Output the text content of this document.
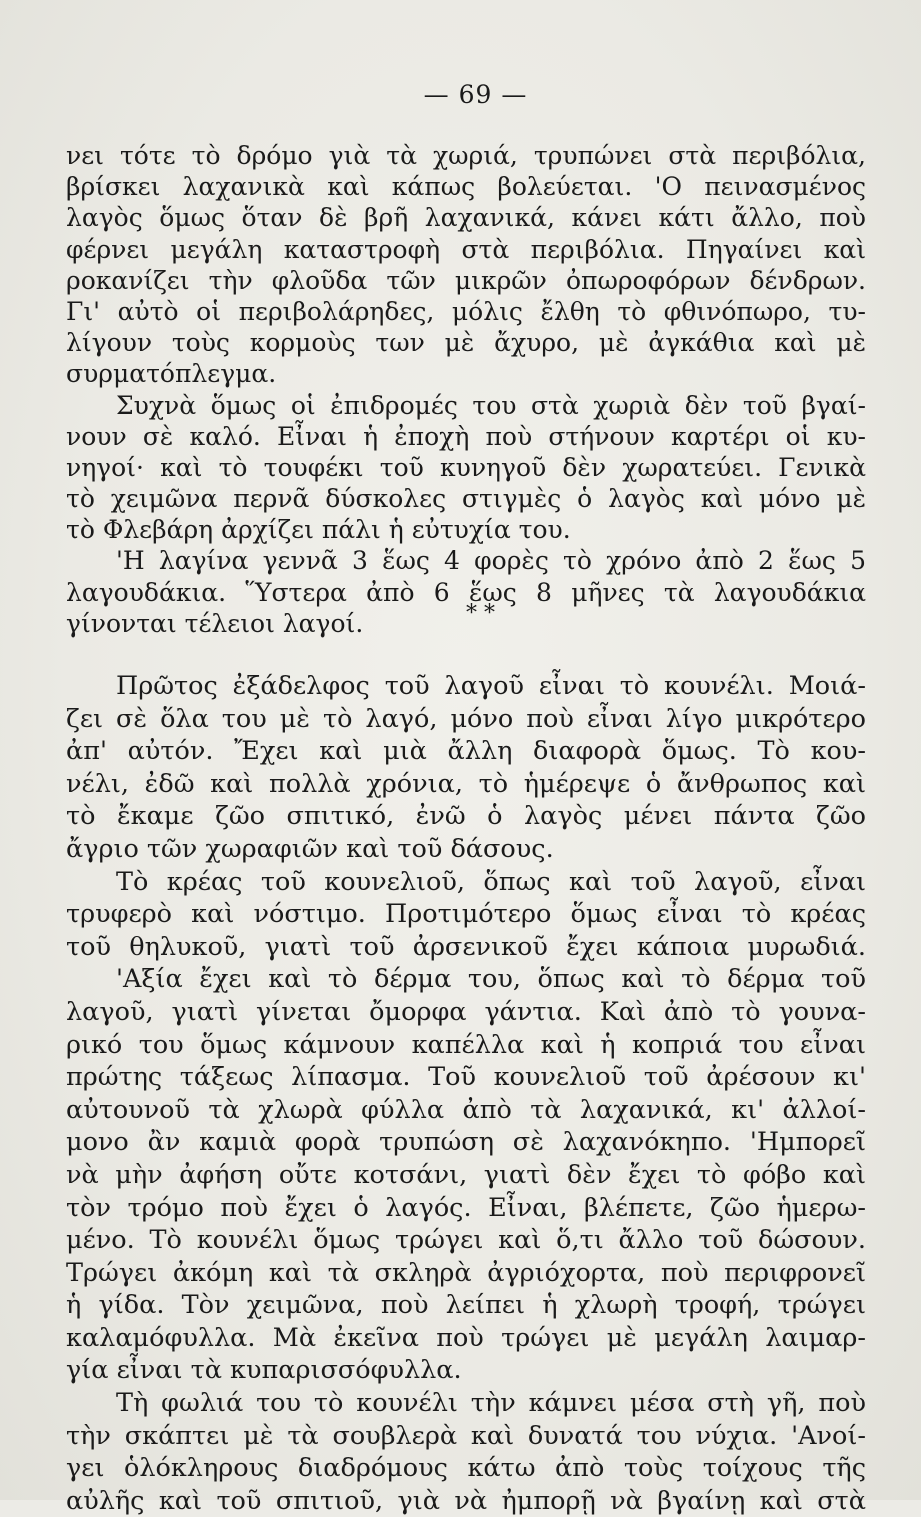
— 69 —
νει τότε τὸ δρόμο γιὰ τὰ χωριά, τρυπώνει στὰ περιβόλια,
βρίσκει λαχανικὰ καὶ κάπως βολεύεται. 'Ο πεινασμένος
λαγὸς ὅμως ὅταν δὲ βρῆ λαχανικά, κάνει κάτι ἄλλο, ποὺ
φέρνει μεγάλη καταστροφὴ στὰ περιβόλια. Πηγαίνει καὶ
ροκανίζει τὴν φλοῦδα τῶν μικρῶν ὀπωροφόρων δένδρων.
Γι' αὐτὸ οἱ περιβολάρηδες, μόλις ἔλθη τὸ φθινόπωρο, τυ-
λίγουν τοὺς κορμοὺς των μὲ ἄχυρο, μὲ ἀγκάθια καὶ μὲ
συρματόπλεγμα.
Συχνὰ ὅμως οἱ ἐπιδρομές του στὰ χωριὰ δὲν τοῦ βγαί-
νουν σὲ καλό. Εἶναι ἡ ἐποχὴ ποὺ στήνουν καρτέρι οἱ κυ-
νηγοί· καὶ τὸ τουφέκι τοῦ κυνηγοῦ δὲν χωρατεύει. Γενικὰ
τὸ χειμῶνα περνᾶ δύσκολες στιγμὲς ὁ λαγὸς καὶ μόνο μὲ
τὸ Φλεβάρη ἀρχίζει πάλι ἡ εὐτυχία του.
'Η λαγίνα γεννᾶ 3 ἕως 4 φορὲς τὸ χρόνο ἀπὸ 2 ἕως 5
λαγουδάκια. Ὕστερα ἀπὸ 6 ἕως 8 μῆνες τὰ λαγουδάκια
γίνονται τέλειοι λαγοί.	* *
Πρῶτος ἐξάδελφος τοῦ λαγοῦ εἶναι τὸ κουνέλι. Μοιά-
ζει σὲ ὅλα του μὲ τὸ λαγό, μόνο ποὺ εἶναι λίγο μικρότερο
ἀπ' αὐτόν. Ἔχει καὶ μιὰ ἄλλη διαφορὰ ὅμως. Τὸ κου-
νέλι, ἐδῶ καὶ πολλὰ χρόνια, τὸ ἡμέρεψε ὁ ἄνθρωπος καὶ
τὸ ἔκαμε ζῶο σπιτικό, ἐνῶ ὁ λαγὸς μένει πάντα ζῶο
ἄγριο τῶν χωραφιῶν καὶ τοῦ δάσους.
Τὸ κρέας τοῦ κουνελιοῦ, ὅπως καὶ τοῦ λαγοῦ, εἶναι
τρυφερὸ καὶ νόστιμο. Προτιμότερο ὅμως εἶναι τὸ κρέας
τοῦ θηλυκοῦ, γιατὶ τοῦ ἀρσενικοῦ ἔχει κάποια μυρωδιά.
'Αξία ἔχει καὶ τὸ δέρμα του, ὅπως καὶ τὸ δέρμα τοῦ
λαγοῦ, γιατὶ γίνεται ὄμορφα γάντια. Καὶ ἀπὸ τὸ γουνα-
ρικό του ὅμως κάμνουν καπέλλα καὶ ἡ κοπριά του εἶναι
πρώτης τάξεως λίπασμα. Τοῦ κουνελιοῦ τοῦ ἀρέσουν κι'
αὐτουνοῦ τὰ χλωρὰ φύλλα ἀπὸ τὰ λαχανικά, κι' ἀλλοί-
μονο ἂν καμιὰ φορὰ τρυπώση σὲ λαχανόκηπο. 'Ημπορεῖ
νὰ μὴν ἀφήση οὔτε κοτσάνι, γιατὶ δὲν ἔχει τὸ φόβο καὶ
τὸν τρόμο ποὺ ἔχει ὁ λαγός. Εἶναι, βλέπετε, ζῶο ἡμερω-
μένο. Τὸ κουνέλι ὅμως τρώγει καὶ ὅ,τι ἄλλο τοῦ δώσουν.
Τρώγει ἀκόμη καὶ τὰ σκληρὰ ἀγριόχορτα, ποὺ περιφρονεῖ
ἡ γίδα. Τὸν χειμῶνα, ποὺ λείπει ἡ χλωρὴ τροφή, τρώγει
καλαμόφυλλα. Μὰ ἐκεῖνα ποὺ τρώγει μὲ μεγάλη λαιμαρ-
γία εἶναι τὰ κυπαρισσόφυλλα.
Τὴ φωλιά του τὸ κουνέλι τὴν κάμνει μέσα στὴ γῆ, ποὺ
τὴν σκάπτει μὲ τὰ σουβλερὰ καὶ δυνατά του νύχια. 'Ανοί-
γει ὁλόκληρους διαδρόμους κάτω ἀπὸ τοὺς τοίχους τῆς
αὐλῆς καὶ τοῦ σπιτιοῦ, γιὰ νὰ ἠμπορῇ νὰ βγαίνῃ καὶ στὰ
